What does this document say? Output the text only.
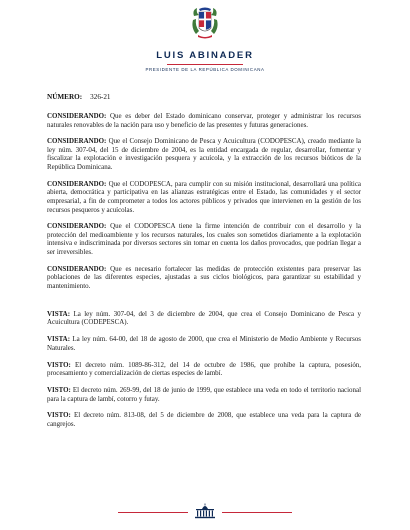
LUIS ABINADER
PRESIDENTE DE LA REPÚBLICA DOMINICANA
NÚMERO: 326-21

CONSIDERANDO: Que es deber del Estado dominicano conservar, proteger y administrar los recursos naturales renovables de la nación para uso y beneficio de las presentes y futuras generaciones.

CONSIDERANDO: Que el Consejo Dominicano de Pesca y Acuicultura (CODOPESCA), creado mediante la ley núm. 307-04, del 15 de diciembre de 2004, es la entidad encargada de regular, desarrollar, fomentar y fiscalizar la explotación e investigación pesquera y acuícola, y la extracción de los recursos bióticos de la República Dominicana.

CONSIDERANDO: Que el CODOPESCA, para cumplir con su misión institucional, desarrollará una política abierta, democrática y participativa en las alianzas estratégicas entre el Estado, las comunidades y el sector empresarial, a fin de comprometer a todos los actores públicos y privados que intervienen en la gestión de los recursos pesqueros y acuícolas.

CONSIDERANDO: Que el CODOPESCA tiene la firme intención de contribuir con el desarrollo y la protección del medioambiente y los recursos naturales, los cuales son sometidos diariamente a la explotación intensiva e indiscriminada por diversos sectores sin tomar en cuenta los daños provocados, que podrían llegar a ser irreversibles.

CONSIDERANDO: Que es necesario fortalecer las medidas de protección existentes para preservar las poblaciones de las diferentes especies, ajustadas a sus ciclos biológicos, para garantizar su estabilidad y mantenimiento.

VISTA: La ley núm. 307-04, del 3 de diciembre de 2004, que crea el Consejo Dominicano de Pesca y Acuicultura (CODEPESCA).

VISTA: La ley núm. 64-00, del 18 de agosto de 2000, que crea el Ministerio de Medio Ambiente y Recursos Naturales.

VISTO: El decreto núm. 1089-86-312, del 14 de octubre de 1986, que prohíbe la captura, posesión, procesamiento y comercialización de ciertas especies de lambí.

VISTO: El decreto núm. 269-99, del 18 de junio de 1999, que establece una veda en todo el territorio nacional para la captura de lambí, cotorro y futay.

VISTO: El decreto núm. 813-08, del 5 de diciembre de 2008, que establece una veda para la captura de cangrejos.
